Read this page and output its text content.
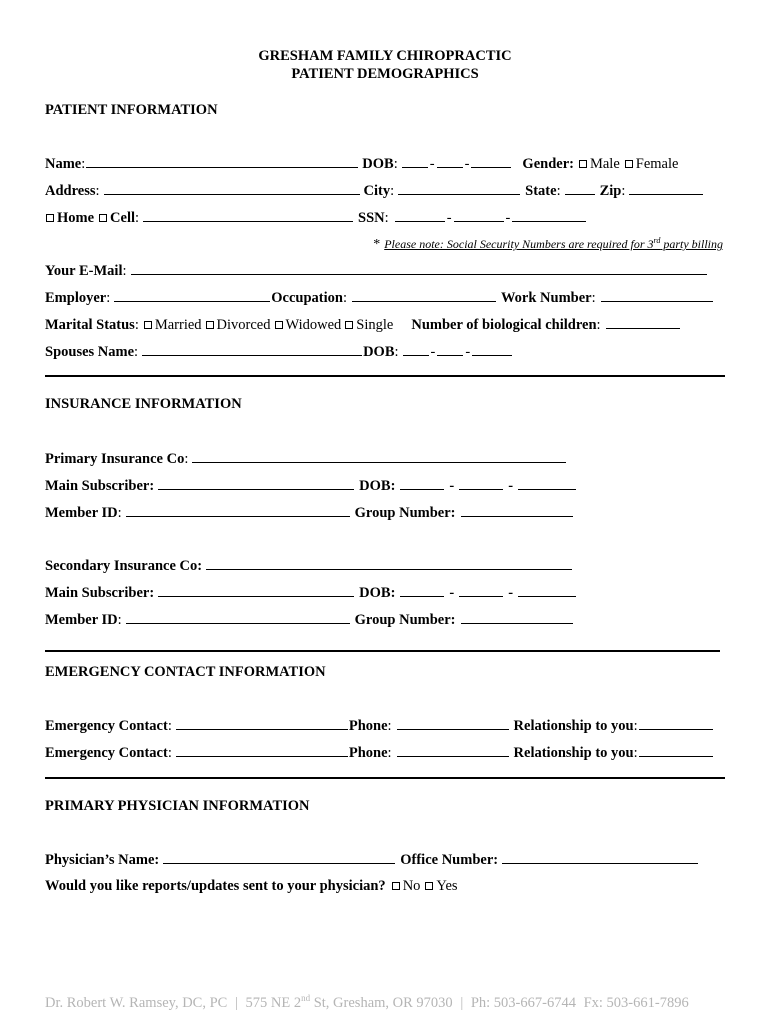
GRESHAM FAMILY CHIROPRACTIC
PATIENT DEMOGRAPHICS
PATIENT INFORMATION
Name :	DOB : - -	Gender: Male Female
Address :	City :	State :	Zip :
Home Cell :	SSN :	-	-
* Please note: Social Security Numbers are required for 3rd party billing
Your E-Mail :
Employer :	Occupation :	Work Number :
Marital Status : Married Divorced Widowed Single Number of biological children :
Spouses Name :	DOB : - -
INSURANCE INFORMATION
Primary Insurance Co :
Main Subscriber:	DOB:	-	-
Member ID :	Group Number:
Secondary Insurance Co:
Main Subscriber:	DOB:	-	-
Member ID :	Group Number:
EMERGENCY CONTACT INFORMATION
Emergency Contact :	Phone :	Relationship to you :
Emergency Contact :	Phone :	Relationship to you :
PRIMARY PHYSICIAN INFORMATION
Physician’s Name:	Office Number:
Would you like reports/updates sent to your physician? No Yes
Dr. Robert W. Ramsey, DC, PC | 575 NE 2nd St, Gresham, OR 97030 | Ph: 503-667-6744 Fx: 503-661-7896
